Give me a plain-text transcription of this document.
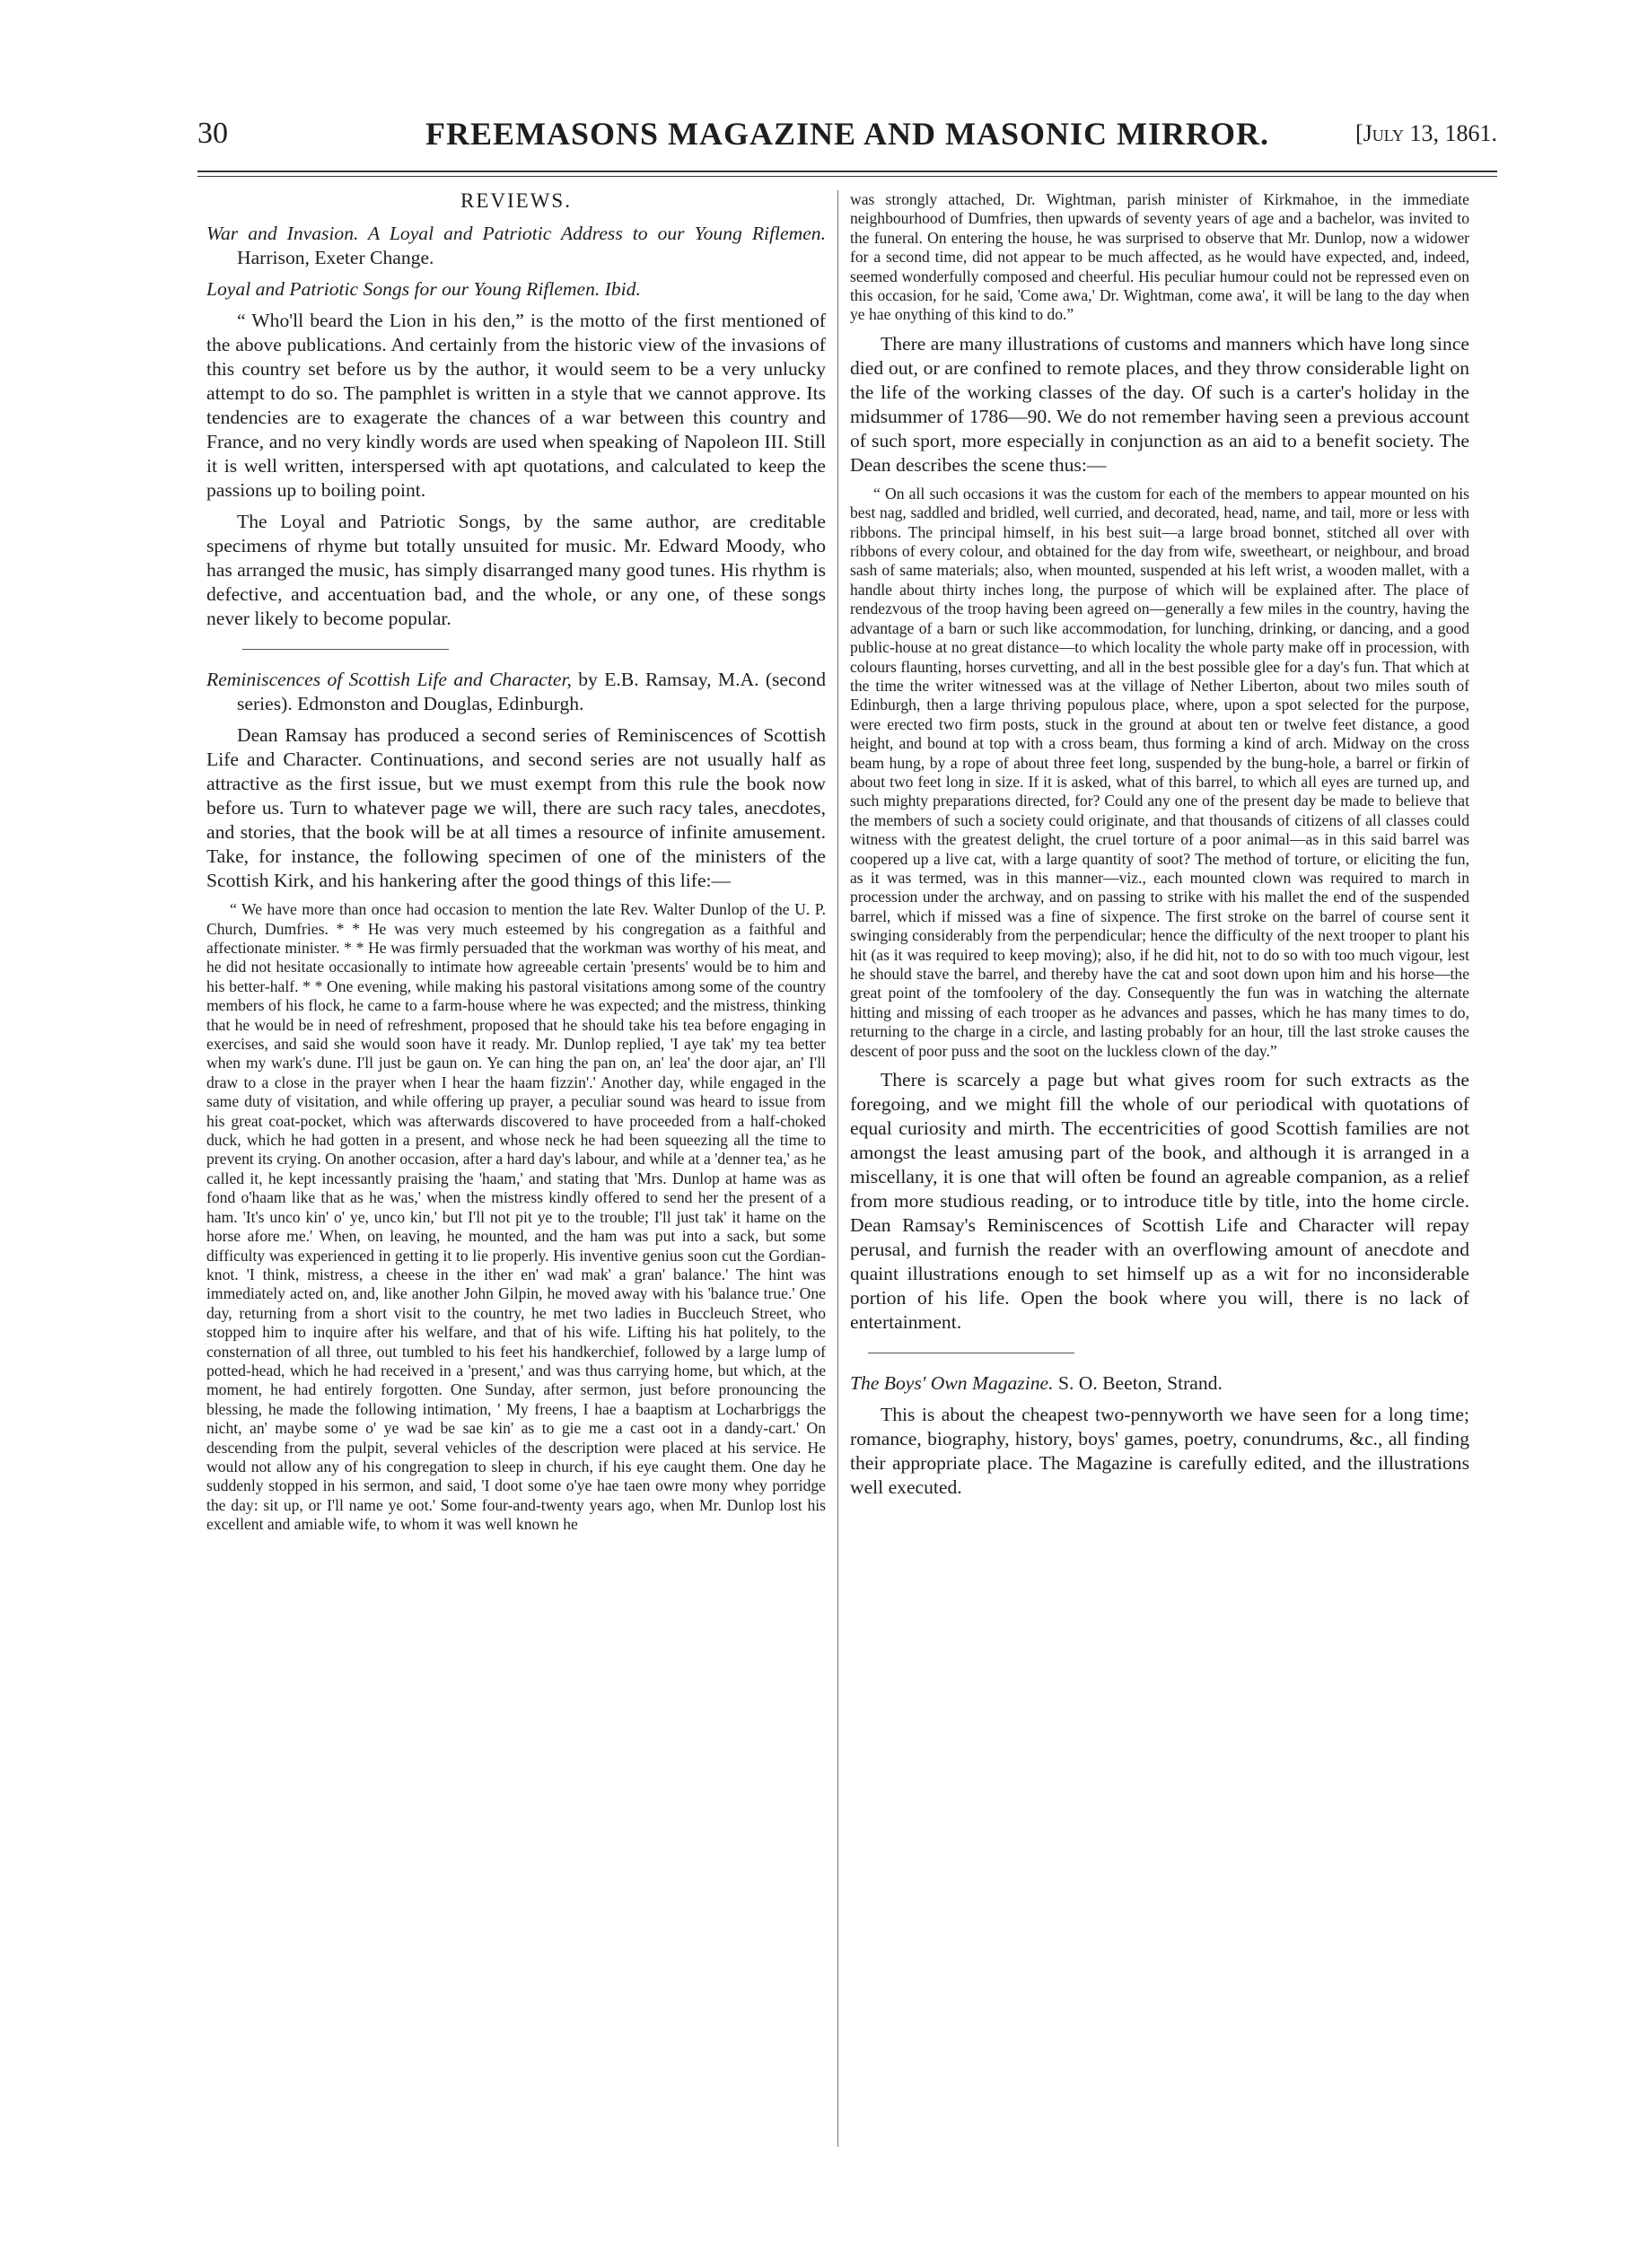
30	FREEMASONS MAGAZINE AND MASONIC MIRROR.	[July 13, 1861.
REVIEWS.

War and Invasion. A Loyal and Patriotic Address to our Young Riflemen. Harrison, Exeter Change.

Loyal and Patriotic Songs for our Young Riflemen. Ibid.

“ Who'll beard the Lion in his den,” is the motto of the first mentioned of the above publications. And certainly from the historic view of the invasions of this country set before us by the author, it would seem to be a very unlucky attempt to do so. The pamphlet is written in a style that we cannot approve. Its tendencies are to exagerate the chances of a war between this country and France, and no very kindly words are used when speaking of Napoleon III. Still it is well written, interspersed with apt quotations, and calculated to keep the passions up to boiling point.

The Loyal and Patriotic Songs, by the same author, are creditable specimens of rhyme but totally unsuited for music. Mr. Edward Moody, who has arranged the music, has simply disarranged many good tunes. His rhythm is defective, and accentuation bad, and the whole, or any one, of these songs never likely to become popular.

Reminiscences of Scottish Life and Character, by E.B. Ramsay, M.A. (second series). Edmonston and Douglas, Edinburgh.

Dean Ramsay has produced a second series of Reminiscences of Scottish Life and Character. Continuations, and second series are not usually half as attractive as the first issue, but we must exempt from this rule the book now before us. Turn to whatever page we will, there are such racy tales, anecdotes, and stories, that the book will be at all times a resource of infinite amusement. Take, for instance, the following specimen of one of the ministers of the Scottish Kirk, and his hankering after the good things of this life:—

“ We have more than once had occasion to mention the late Rev. Walter Dunlop of the U. P. Church, Dumfries. * * He was very much esteemed by his congregation as a faithful and affectionate minister. * * He was firmly persuaded that the workman was worthy of his meat, and he did not hesitate occasionally to intimate how agreeable certain 'presents' would be to him and his better-half. * * One evening, while making his pastoral visitations among some of the country members of his flock, he came to a farm-house where he was expected; and the mistress, thinking that he would be in need of refreshment, proposed that he should take his tea before engaging in exercises, and said she would soon have it ready. Mr. Dunlop replied, 'I aye tak' my tea better when my wark's dune. I'll just be gaun on. Ye can hing the pan on, an' lea' the door ajar, an' I'll draw to a close in the prayer when I hear the haam fizzin'.' Another day, while engaged in the same duty of visitation, and while offering up prayer, a peculiar sound was heard to issue from his great coat-pocket, which was afterwards discovered to have proceeded from a half-choked duck, which he had gotten in a present, and whose neck he had been squeezing all the time to prevent its crying. On another occasion, after a hard day's labour, and while at a 'denner tea,' as he called it, he kept incessantly praising the 'haam,' and stating that 'Mrs. Dunlop at hame was as fond o'haam like that as he was,' when the mistress kindly offered to send her the present of a ham. 'It's unco kin' o' ye, unco kin,' but I'll not pit ye to the trouble; I'll just tak' it hame on the horse afore me.' When, on leaving, he mounted, and the ham was put into a sack, but some difficulty was experienced in getting it to lie properly. His inventive genius soon cut the Gordian-knot. 'I think, mistress, a cheese in the ither en' wad mak' a gran' balance.' The hint was immediately acted on, and, like another John Gilpin, he moved away with his 'balance true.' One day, returning from a short visit to the country, he met two ladies in Buccleuch Street, who stopped him to inquire after his welfare, and that of his wife. Lifting his hat politely, to the consternation of all three, out tumbled to his feet his handkerchief, followed by a large lump of potted-head, which he had received in a 'present,' and was thus carrying home, but which, at the moment, he had entirely forgotten. One Sunday, after sermon, just before pronouncing the blessing, he made the following intimation, ' My freens, I hae a baaptism at Locharbriggs the nicht, an' maybe some o' ye wad be sae kin' as to gie me a cast oot in a dandy-cart.' On descending from the pulpit, several vehicles of the description were placed at his service. He would not allow any of his congregation to sleep in church, if his eye caught them. One day he suddenly stopped in his sermon, and said, 'I doot some o'ye hae taen owre mony whey porridge the day: sit up, or I'll name ye oot.' Some four-and-twenty years ago, when Mr. Dunlop lost his excellent and amiable wife, to whom it was well known he

was strongly attached, Dr. Wightman, parish minister of Kirkmahoe, in the immediate neighbourhood of Dumfries, then upwards of seventy years of age and a bachelor, was invited to the funeral. On entering the house, he was surprised to observe that Mr. Dunlop, now a widower for a second time, did not appear to be much affected, as he would have expected, and, indeed, seemed wonderfully composed and cheerful. His peculiar humour could not be repressed even on this occasion, for he said, 'Come awa,' Dr. Wightman, come awa', it will be lang to the day when ye hae onything of this kind to do.”

There are many illustrations of customs and manners which have long since died out, or are confined to remote places, and they throw considerable light on the life of the working classes of the day. Of such is a carter's holiday in the midsummer of 1786—90. We do not remember having seen a previous account of such sport, more especially in conjunction as an aid to a benefit society. The Dean describes the scene thus:—

“ On all such occasions it was the custom for each of the members to appear mounted on his best nag, saddled and bridled, well curried, and decorated, head, name, and tail, more or less with ribbons. The principal himself, in his best suit—a large broad bonnet, stitched all over with ribbons of every colour, and obtained for the day from wife, sweetheart, or neighbour, and broad sash of same materials; also, when mounted, suspended at his left wrist, a wooden mallet, with a handle about thirty inches long, the purpose of which will be explained after. The place of rendezvous of the troop having been agreed on—generally a few miles in the country, having the advantage of a barn or such like accommodation, for lunching, drinking, or dancing, and a good public-house at no great distance—to which locality the whole party make off in procession, with colours flaunting, horses curvetting, and all in the best possible glee for a day's fun. That which at the time the writer witnessed was at the village of Nether Liberton, about two miles south of Edinburgh, then a large thriving populous place, where, upon a spot selected for the purpose, were erected two firm posts, stuck in the ground at about ten or twelve feet distance, a good height, and bound at top with a cross beam, thus forming a kind of arch. Midway on the cross beam hung, by a rope of about three feet long, suspended by the bung-hole, a barrel or firkin of about two feet long in size. If it is asked, what of this barrel, to which all eyes are turned up, and such mighty preparations directed, for? Could any one of the present day be made to believe that the members of such a society could originate, and that thousands of citizens of all classes could witness with the greatest delight, the cruel torture of a poor animal—as in this said barrel was coopered up a live cat, with a large quantity of soot? The method of torture, or eliciting the fun, as it was termed, was in this manner—viz., each mounted clown was required to march in procession under the archway, and on passing to strike with his mallet the end of the suspended barrel, which if missed was a fine of sixpence. The first stroke on the barrel of course sent it swinging considerably from the perpendicular; hence the difficulty of the next trooper to plant his hit (as it was required to keep moving); also, if he did hit, not to do so with too much vigour, lest he should stave the barrel, and thereby have the cat and soot down upon him and his horse—the great point of the tomfoolery of the day. Consequently the fun was in watching the alternate hitting and missing of each trooper as he advances and passes, which he has many times to do, returning to the charge in a circle, and lasting probably for an hour, till the last stroke causes the descent of poor puss and the soot on the luckless clown of the day.”

There is scarcely a page but what gives room for such extracts as the foregoing, and we might fill the whole of our periodical with quotations of equal curiosity and mirth. The eccentricities of good Scottish families are not amongst the least amusing part of the book, and although it is arranged in a miscellany, it is one that will often be found an agreable companion, as a relief from more studious reading, or to introduce title by title, into the home circle. Dean Ramsay's Reminiscences of Scottish Life and Character will repay perusal, and furnish the reader with an overflowing amount of anecdote and quaint illustrations enough to set himself up as a wit for no inconsiderable portion of his life. Open the book where you will, there is no lack of entertainment.

The Boys' Own Magazine. S. O. Beeton, Strand.

This is about the cheapest two-pennyworth we have seen for a long time; romance, biography, history, boys' games, poetry, conundrums, &c., all finding their appropriate place. The Magazine is carefully edited, and the illustrations well executed.
